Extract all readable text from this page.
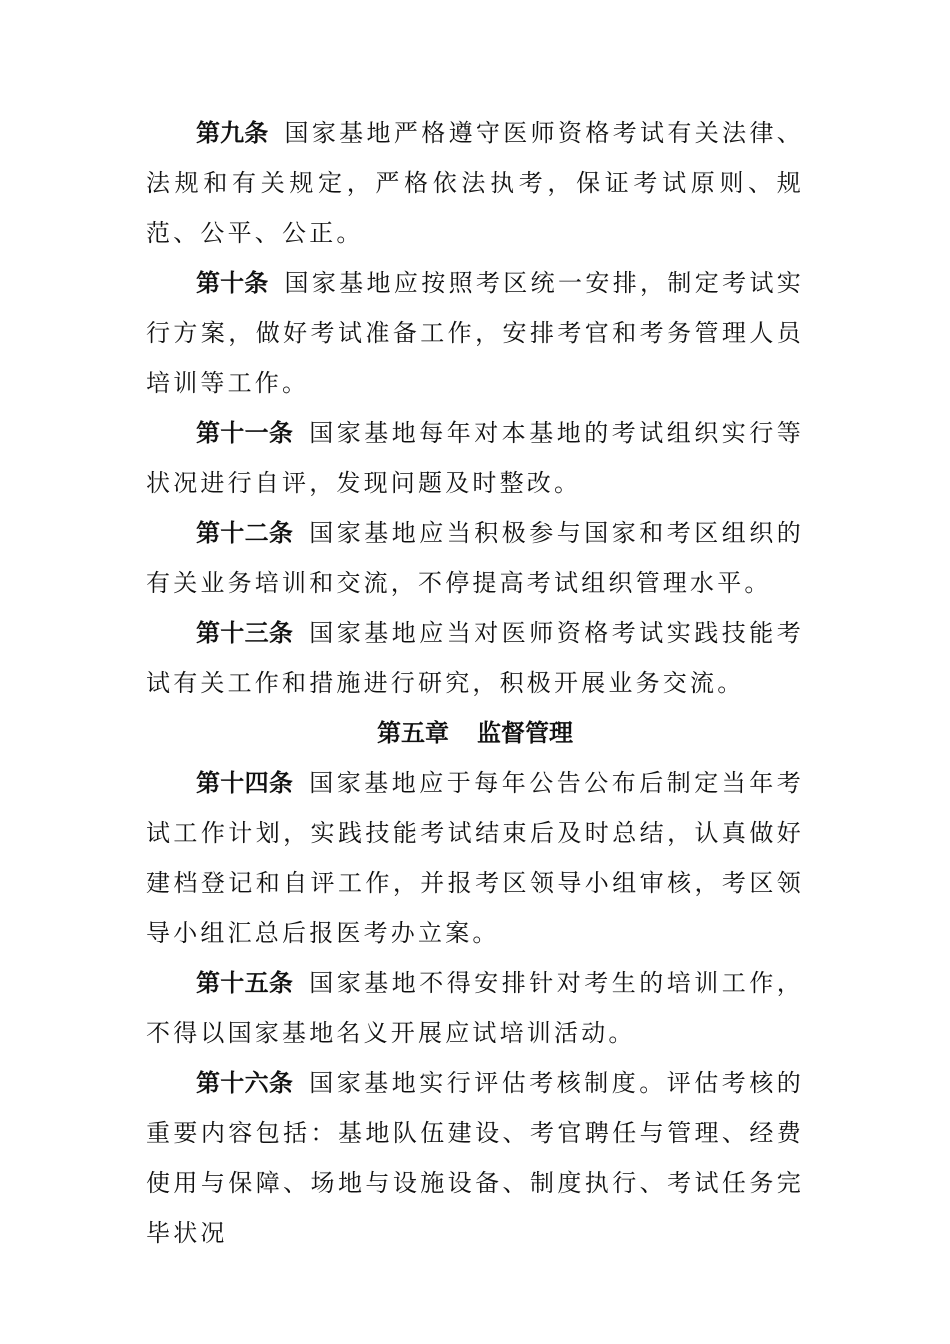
第九条 国家基地严格遵守医师资格考试有关法律、法规和有关规定，严格依法执考，保证考试原则、规范、公平、公正。

第十条 国家基地应按照考区统一安排，制定考试实行方案，做好考试准备工作，安排考官和考务管理人员培训等工作。

第十一条 国家基地每年对本基地的考试组织实行等状况进行自评，发现问题及时整改。

第十二条 国家基地应当积极参与国家和考区组织的有关业务培训和交流，不停提高考试组织管理水平。

第十三条 国家基地应当对医师资格考试实践技能考试有关工作和措施进行研究，积极开展业务交流。

第五章 监督管理

第十四条 国家基地应于每年公告公布后制定当年考试工作计划，实践技能考试结束后及时总结，认真做好建档登记和自评工作，并报考区领导小组审核，考区领导小组汇总后报医考办立案。

第十五条 国家基地不得安排针对考生的培训工作，不得以国家基地名义开展应试培训活动。

第十六条 国家基地实行评估考核制度。评估考核的重要内容包括：基地队伍建设、考官聘任与管理、经费使用与保障、场地与设施设备、制度执行、考试任务完毕状况
